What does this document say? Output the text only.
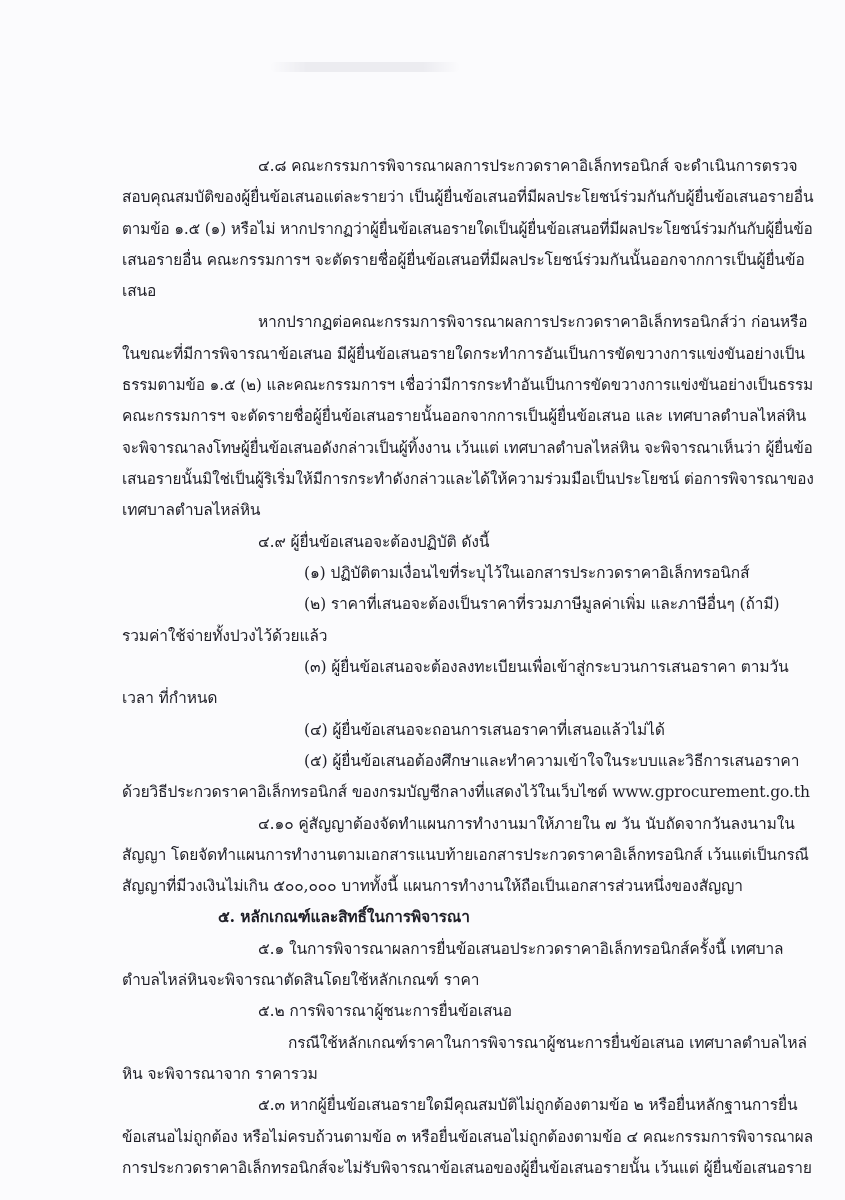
๔.๘ คณะกรรมการพิจารณาผลการประกวดราคาอิเล็กทรอนิกส์ จะดำเนินการตรวจ
สอบคุณสมบัติของผู้ยื่นข้อเสนอแต่ละรายว่า เป็นผู้ยื่นข้อเสนอที่มีผลประโยชน์ร่วมกันกับผู้ยื่นข้อเสนอรายอื่น
ตามข้อ ๑.๕ (๑) หรือไม่ หากปรากฏว่าผู้ยื่นข้อเสนอรายใดเป็นผู้ยื่นข้อเสนอที่มีผลประโยชน์ร่วมกันกับผู้ยื่นข้อ
เสนอรายอื่น คณะกรรมการฯ จะตัดรายชื่อผู้ยื่นข้อเสนอที่มีผลประโยชน์ร่วมกันนั้นออกจากการเป็นผู้ยื่นข้อ
เสนอ
หากปรากฏต่อคณะกรรมการพิจารณาผลการประกวดราคาอิเล็กทรอนิกส์ว่า ก่อนหรือ
ในขณะที่มีการพิจารณาข้อเสนอ มีผู้ยื่นข้อเสนอรายใดกระทำการอันเป็นการขัดขวางการแข่งขันอย่างเป็น
ธรรมตามข้อ ๑.๕ (๒) และคณะกรรมการฯ เชื่อว่ามีการกระทำอันเป็นการขัดขวางการแข่งขันอย่างเป็นธรรม
คณะกรรมการฯ จะตัดรายชื่อผู้ยื่นข้อเสนอรายนั้นออกจากการเป็นผู้ยื่นข้อเสนอ และ เทศบาลตำบลไหล่หิน
จะพิจารณาลงโทษผู้ยื่นข้อเสนอดังกล่าวเป็นผู้ทิ้งงาน เว้นแต่ เทศบาลตำบลไหล่หิน จะพิจารณาเห็นว่า ผู้ยื่นข้อ
เสนอรายนั้นมิใช่เป็นผู้ริเริ่มให้มีการกระทำดังกล่าวและได้ให้ความร่วมมือเป็นประโยชน์ ต่อการพิจารณาของ
เทศบาลตำบลไหล่หิน
๔.๙ ผู้ยื่นข้อเสนอจะต้องปฏิบัติ ดังนี้
(๑) ปฏิบัติตามเงื่อนไขที่ระบุไว้ในเอกสารประกวดราคาอิเล็กทรอนิกส์
(๒) ราคาที่เสนอจะต้องเป็นราคาที่รวมภาษีมูลค่าเพิ่ม และภาษีอื่นๆ (ถ้ามี)
รวมค่าใช้จ่ายทั้งปวงไว้ด้วยแล้ว
(๓) ผู้ยื่นข้อเสนอจะต้องลงทะเบียนเพื่อเข้าสู่กระบวนการเสนอราคา ตามวัน
เวลา ที่กำหนด
(๔) ผู้ยื่นข้อเสนอจะถอนการเสนอราคาที่เสนอแล้วไม่ได้
(๕) ผู้ยื่นข้อเสนอต้องศึกษาและทำความเข้าใจในระบบและวิธีการเสนอราคา
ด้วยวิธีประกวดราคาอิเล็กทรอนิกส์ ของกรมบัญชีกลางที่แสดงไว้ในเว็บไซต์ www.gprocurement.go.th
๔.๑๐ คู่สัญญาต้องจัดทำแผนการทำงานมาให้ภายใน ๗ วัน นับถัดจากวันลงนามใน
สัญญา โดยจัดทำแผนการทำงานตามเอกสารแนบท้ายเอกสารประกวดราคาอิเล็กทรอนิกส์ เว้นแต่เป็นกรณี
สัญญาที่มีวงเงินไม่เกิน ๕๐๐,๐๐๐ บาททั้งนี้ แผนการทำงานให้ถือเป็นเอกสารส่วนหนึ่งของสัญญา
๕. หลักเกณฑ์และสิทธิ์ในการพิจารณา
๕.๑ ในการพิจารณาผลการยื่นข้อเสนอประกวดราคาอิเล็กทรอนิกส์ครั้งนี้ เทศบาล
ตำบลไหล่หินจะพิจารณาตัดสินโดยใช้หลักเกณฑ์ ราคา
๕.๒ การพิจารณาผู้ชนะการยื่นข้อเสนอ
กรณีใช้หลักเกณฑ์ราคาในการพิจารณาผู้ชนะการยื่นข้อเสนอ เทศบาลตำบลไหล่
หิน จะพิจารณาจาก ราคารวม
๕.๓ หากผู้ยื่นข้อเสนอรายใดมีคุณสมบัติไม่ถูกต้องตามข้อ ๒ หรือยื่นหลักฐานการยื่น
ข้อเสนอไม่ถูกต้อง หรือไม่ครบถ้วนตามข้อ ๓ หรือยื่นข้อเสนอไม่ถูกต้องตามข้อ ๔ คณะกรรมการพิจารณาผล
การประกวดราคาอิเล็กทรอนิกส์จะไม่รับพิจารณาข้อเสนอของผู้ยื่นข้อเสนอรายนั้น เว้นแต่ ผู้ยื่นข้อเสนอราย
